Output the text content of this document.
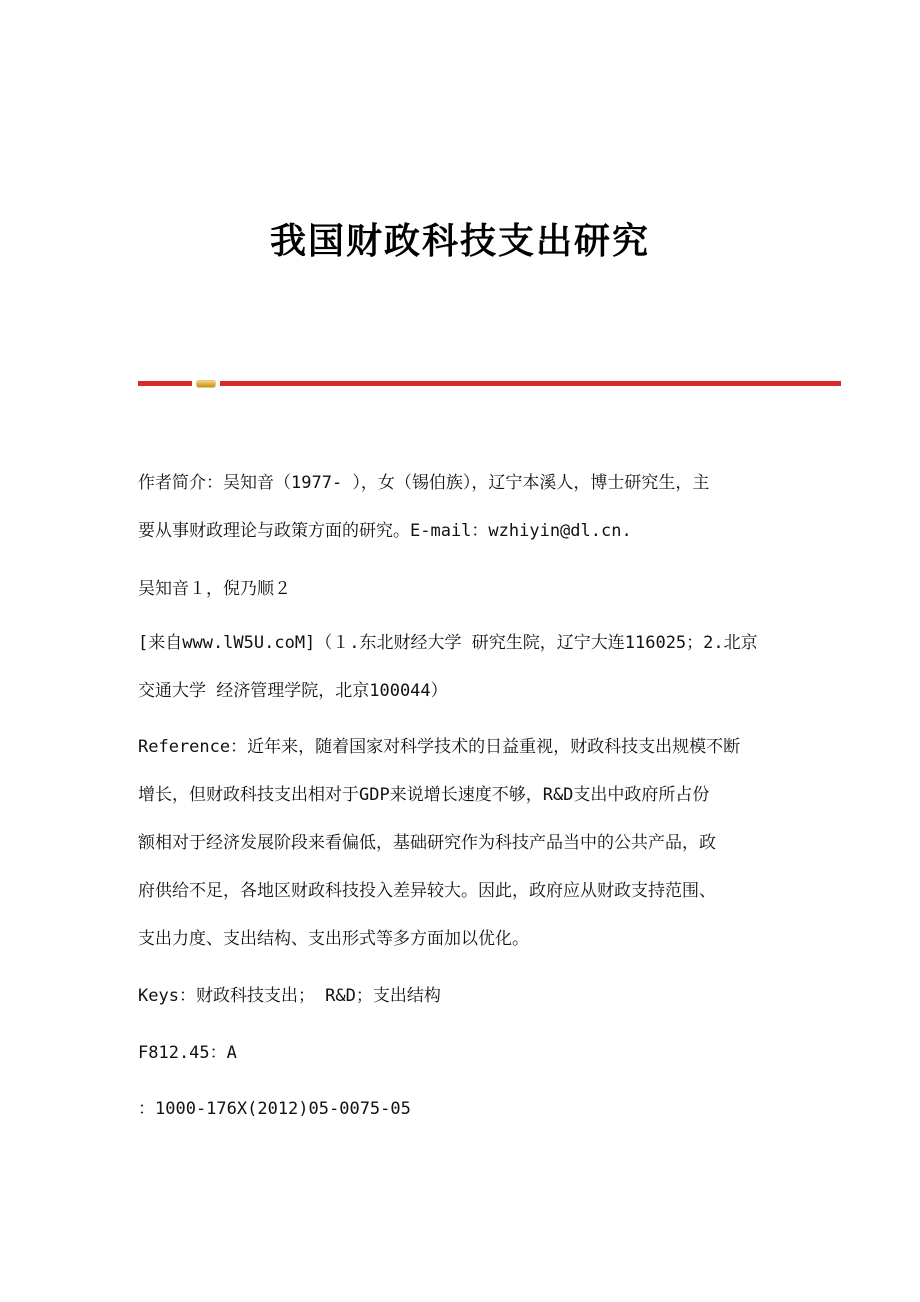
我国财政科技支出研究

作者简介：吴知音（1977- ），女（锡伯族），辽宁本溪人，博士研究生，主
要从事财政理论与政策方面的研究。E-mail：wzhiyin@dl.cn.

吴知音１，倪乃顺２

[来自www.lW5U.coM]（１.东北财经大学 研究生院，辽宁大连116025；2.北京
交通大学 经济管理学院，北京100044）

Reference：近年来，随着国家对科学技术的日益重视，财政科技支出规模不断
增长，但财政科技支出相对于GDP来说增长速度不够，R&D支出中政府所占份
额相对于经济发展阶段来看偏低，基础研究作为科技产品当中的公共产品，政
府供给不足，各地区财政科技投入差异较大。因此，政府应从财政支持范围、
支出力度、支出结构、支出形式等多方面加以优化。

Keys：财政科技支出； R&D；支出结构

F812.45：A

：1000-176X(2012)05-0075-05
